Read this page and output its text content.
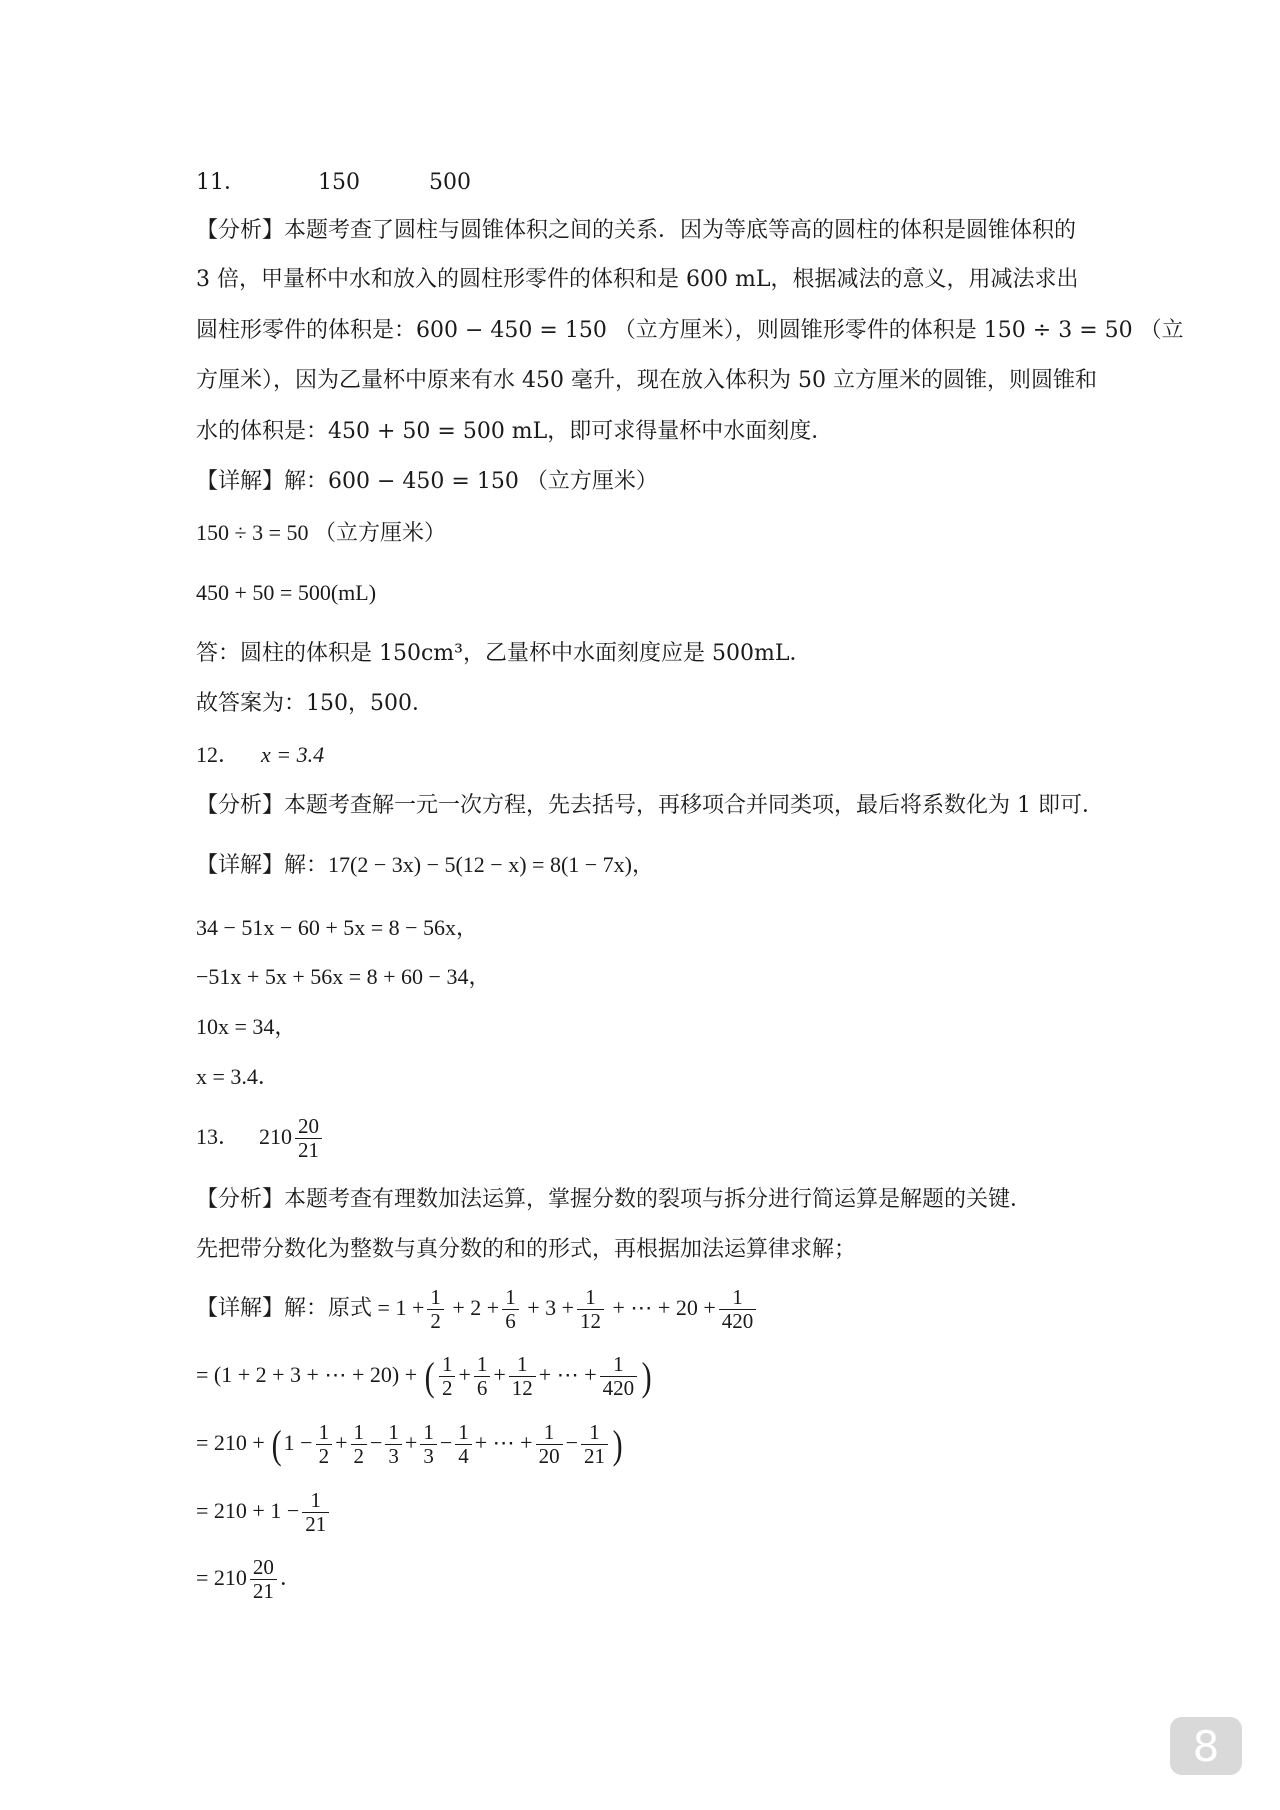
11．	150	500
【分析】本题考查了圆柱与圆锥体积之间的关系．因为等底等高的圆柱的体积是圆锥体积的
3 倍，甲量杯中水和放入的圆柱形零件的体积和是 600 mL，根据减法的意义，用减法求出
圆柱形零件的体积是：600 − 450 = 150 （立方厘米），则圆锥形零件的体积是 150 ÷ 3 = 50 （立
方厘米），因为乙量杯中原来有水 450 毫升，现在放入体积为 50 立方厘米的圆锥，则圆锥和
水的体积是：450 + 50 = 500 mL，即可求得量杯中水面刻度．
【详解】解：600 − 450 = 150 （立方厘米）
150 ÷ 3 = 50 （立方厘米）
450 + 50 = 500(mL)
答：圆柱的体积是 150cm³，乙量杯中水面刻度应是 500mL．
故答案为：150，500．
12． x = 3.4
【分析】本题考查解一元一次方程，先去括号，再移项合并同类项，最后将系数化为 1 即可．
【详解】解：17(2 − 3x) − 5(12 − x) = 8(1 − 7x)，
34 − 51x − 60 + 5x = 8 − 56x，
−51x + 5x + 56x = 8 + 60 − 34，
10x = 34，
x = 3.4．
13． $210 \frac{20}{21}$
【分析】本题考查有理数加法运算，掌握分数的裂项与拆分进行简运算是解题的关键．
先把带分数化为整数与真分数的和的形式，再根据加法运算律求解；
【详解】解：原式 = $1 + \frac{1}{2} + 2 + \frac{1}{6} + 3 + \frac{1}{12}$ + ⋯ + $20 + \frac{1}{420}$
= (1 + 2 + 3 + ⋯ + 20) + ( $\frac{1}{2} + \frac{1}{6} + \frac{1}{12}$ + ⋯ + $\frac{1}{420}$ )
= $210 + (1 - \frac{1}{2} + \frac{1}{2} - \frac{1}{3} + \frac{1}{3} - \frac{1}{4}$ + ⋯ + $\frac{1}{20} - \frac{1}{21}$ )
= $210 + 1 - \frac{1}{21}$
= $210 \frac{20}{21}$ ．
8
